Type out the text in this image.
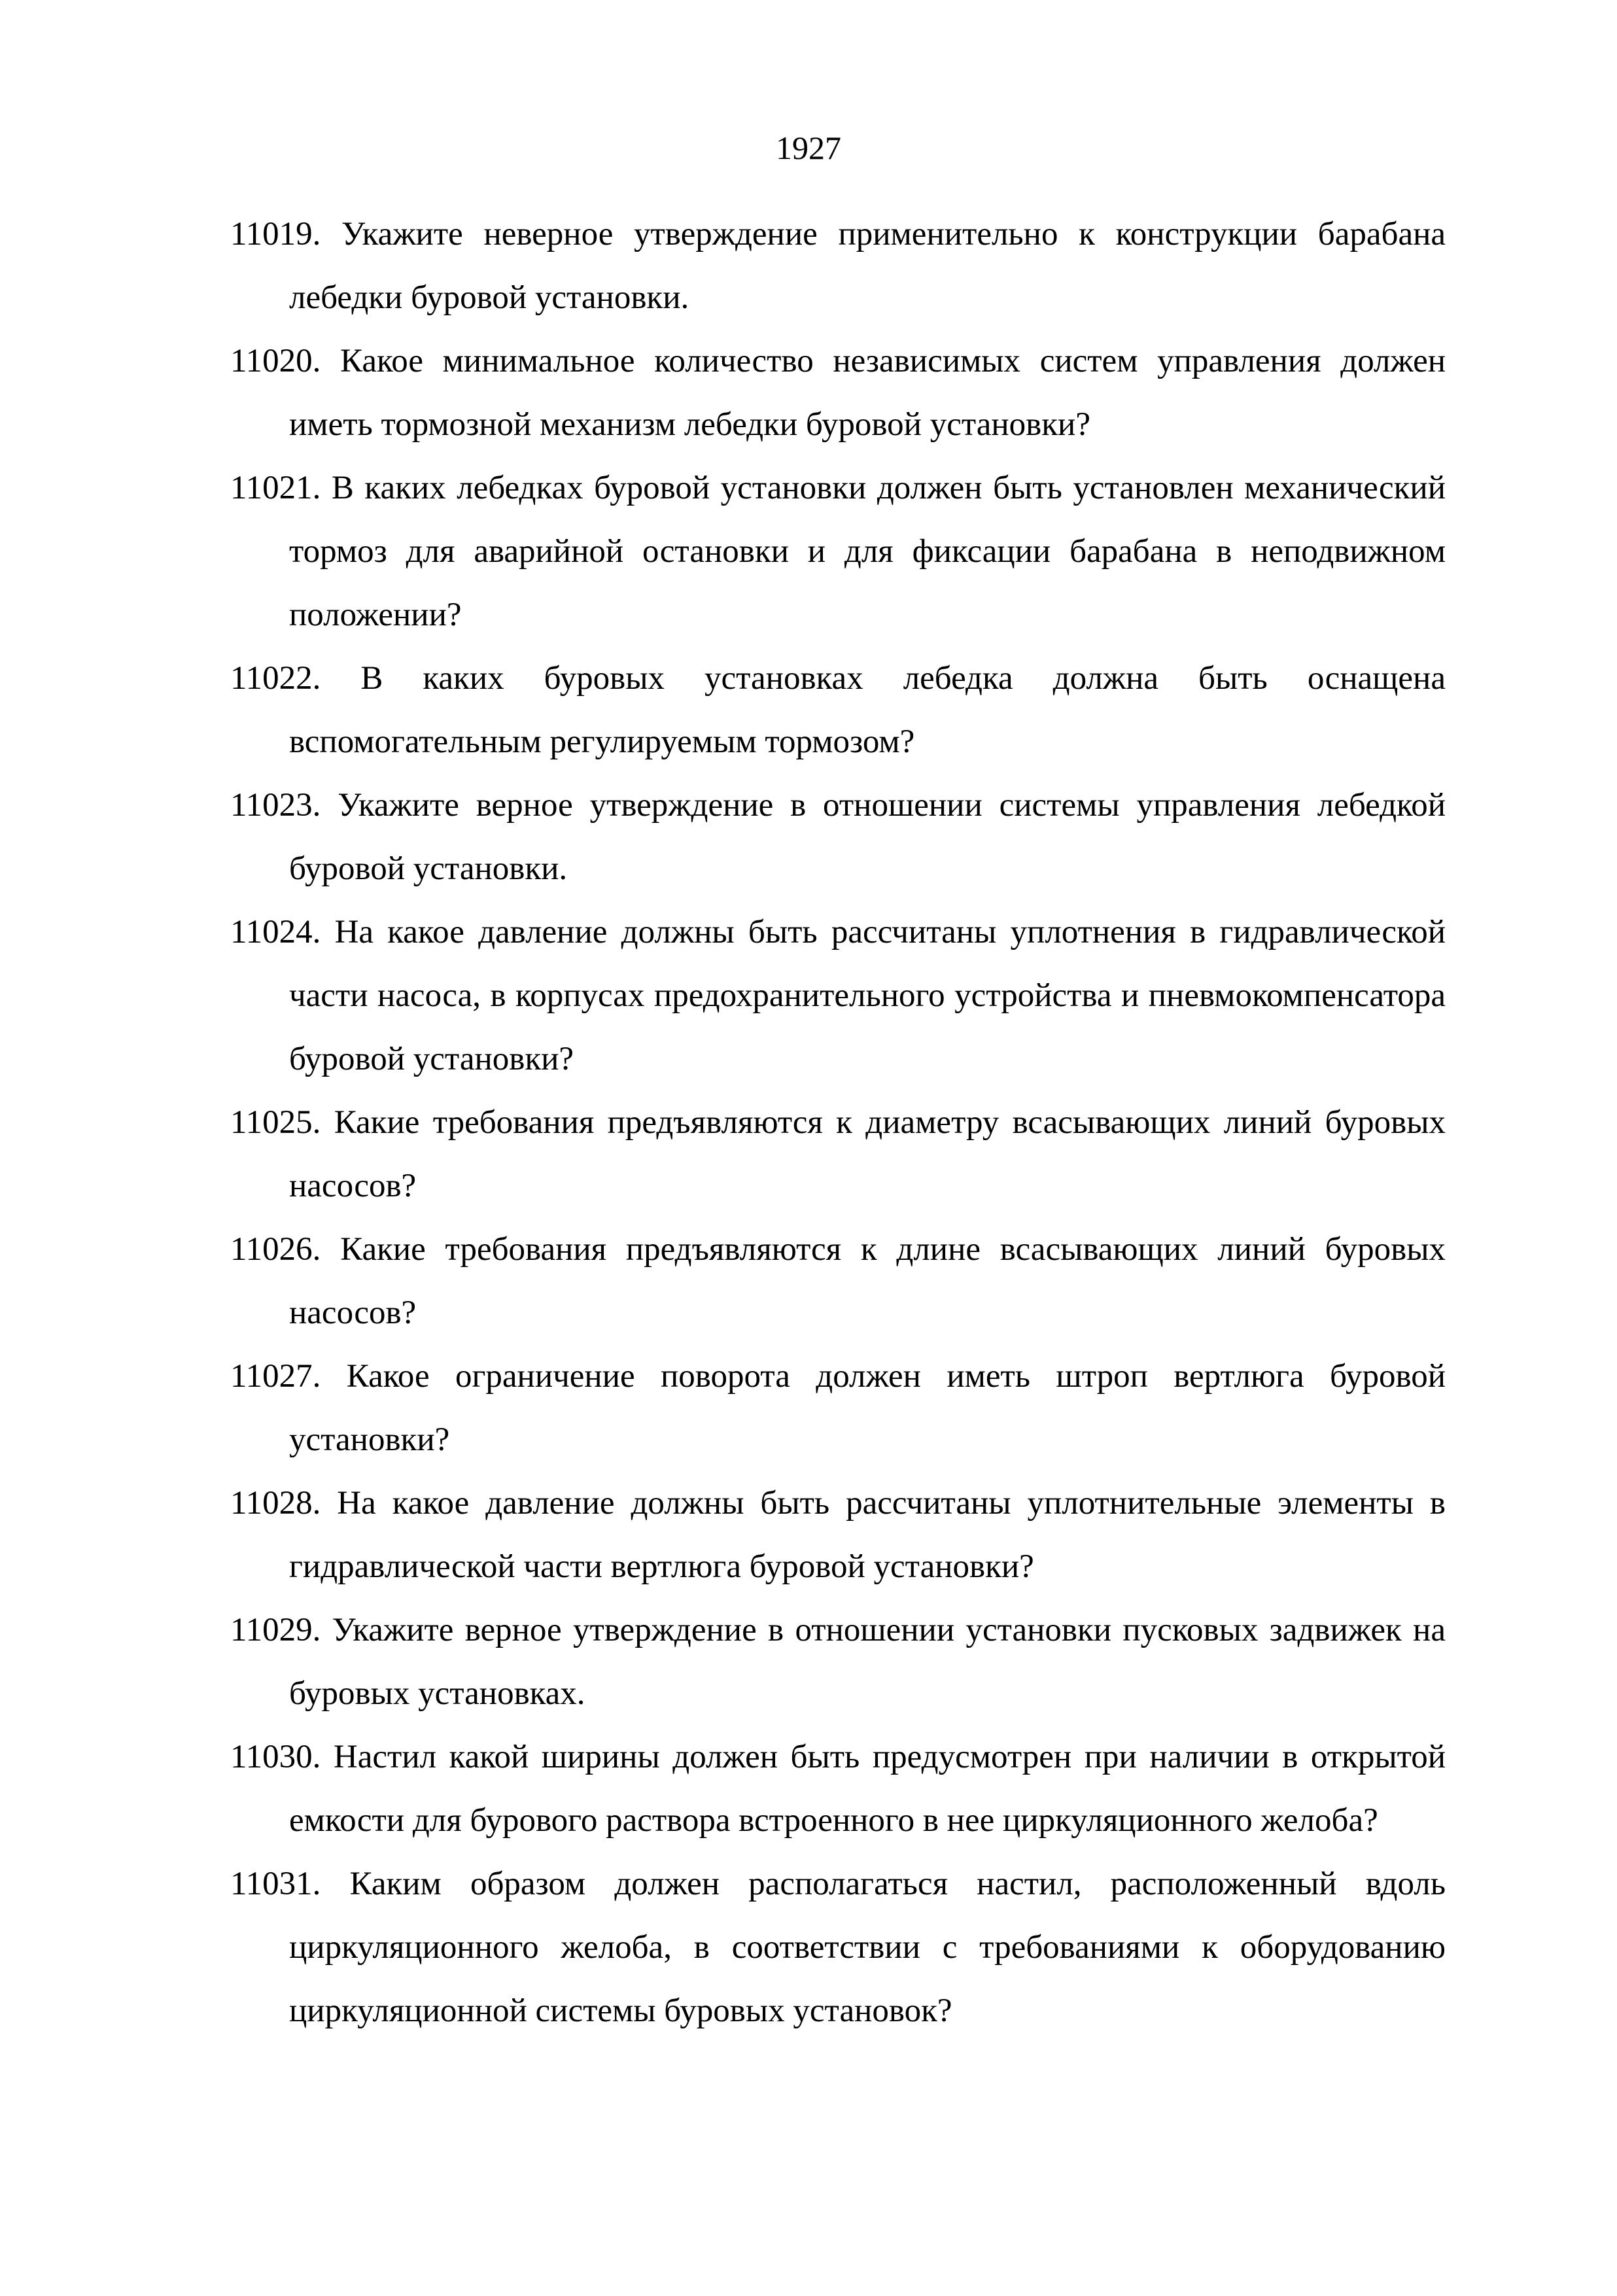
1927
11019. Укажите неверное утверждение применительно к конструкции барабана лебедки буровой установки.
11020. Какое минимальное количество независимых систем управления должен иметь тормозной механизм лебедки буровой установки?
11021. В каких лебедках буровой установки должен быть установлен механический тормоз для аварийной остановки и для фиксации барабана в неподвижном положении?
11022. В каких буровых установках лебедка должна быть оснащена вспомогательным регулируемым тормозом?
11023. Укажите верное утверждение в отношении системы управления лебедкой буровой установки.
11024. На какое давление должны быть рассчитаны уплотнения в гидравлической части насоса, в корпусах предохранительного устройства и пневмокомпенсатора буровой установки?
11025. Какие требования предъявляются к диаметру всасывающих линий буровых насосов?
11026. Какие требования предъявляются к длине всасывающих линий буровых насосов?
11027. Какое ограничение поворота должен иметь штроп вертлюга буровой установки?
11028. На какое давление должны быть рассчитаны уплотнительные элементы в гидравлической части вертлюга буровой установки?
11029. Укажите верное утверждение в отношении установки пусковых задвижек на буровых установках.
11030. Настил какой ширины должен быть предусмотрен при наличии в открытой емкости для бурового раствора встроенного в нее циркуляционного желоба?
11031. Каким образом должен располагаться настил, расположенный вдоль циркуляционного желоба, в соответствии с требованиями к оборудованию циркуляционной системы буровых установок?
